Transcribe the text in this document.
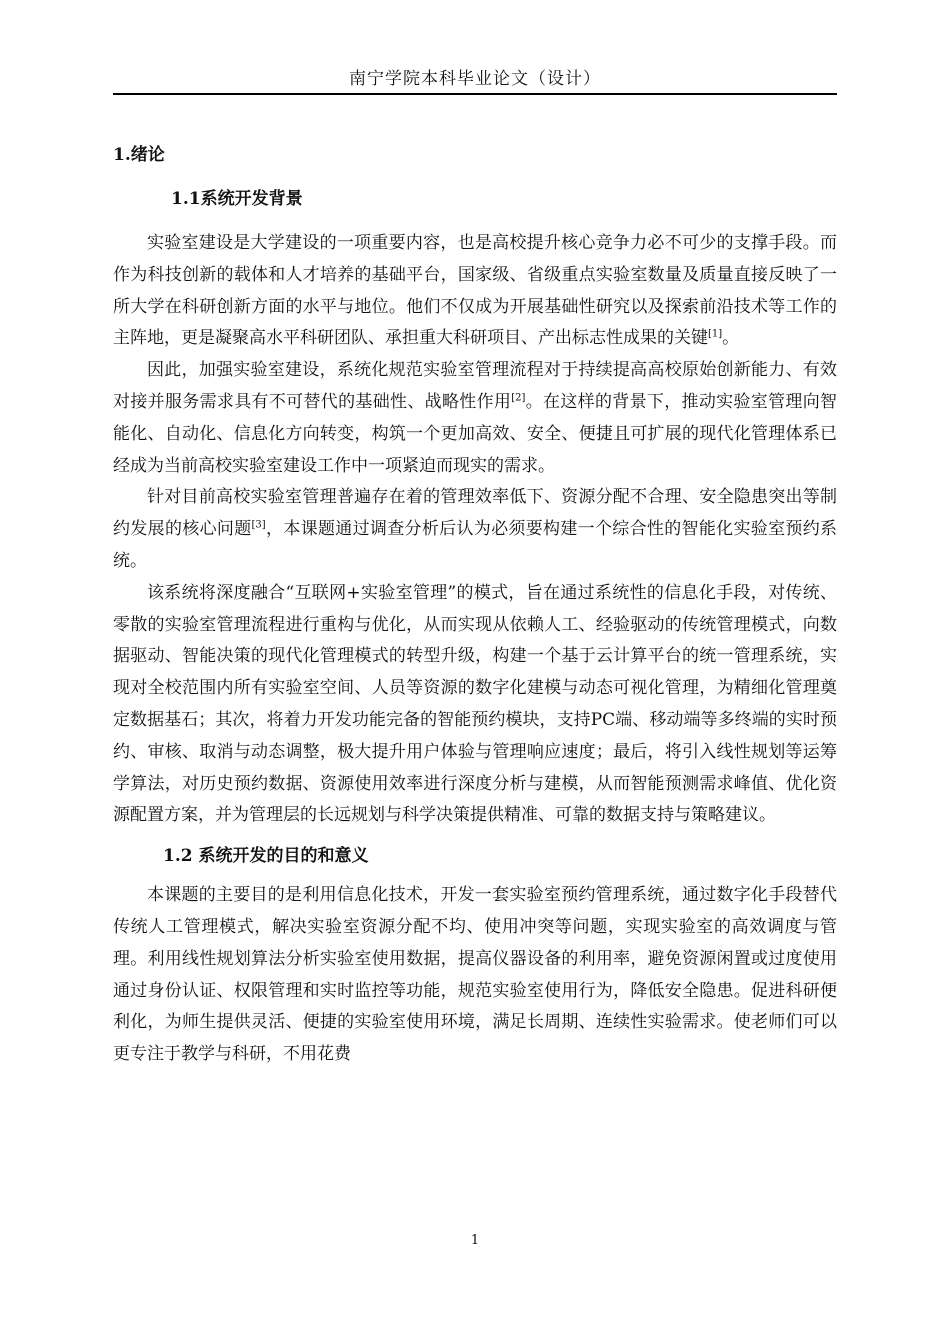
南宁学院本科毕业论文（设计）
1.绪论
1.1系统开发背景

实验室建设是大学建设的一项重要内容，也是高校提升核心竞争力必不可少的支撑手段。而作为科技创新的载体和人才培养的基础平台，国家级、省级重点实验室数量及质量直接反映了一所大学在科研创新方面的水平与地位。他们不仅成为开展基础性研究以及探索前沿技术等工作的主阵地，更是凝聚高水平科研团队、承担重大科研项目、产出标志性成果的关键[1]。

因此，加强实验室建设，系统化规范实验室管理流程对于持续提高高校原始创新能力、有效对接并服务需求具有不可替代的基础性、战略性作用[2]。在这样的背景下，推动实验室管理向智能化、自动化、信息化方向转变，构筑一个更加高效、安全、便捷且可扩展的现代化管理体系已经成为当前高校实验室建设工作中一项紧迫而现实的需求。

针对目前高校实验室管理普遍存在着的管理效率低下、资源分配不合理、安全隐患突出等制约发展的核心问题[3]，本课题通过调查分析后认为必须要构建一个综合性的智能化实验室预约系统。

该系统将深度融合“互联网+实验室管理”的模式，旨在通过系统性的信息化手段，对传统、零散的实验室管理流程进行重构与优化，从而实现从依赖人工、经验驱动的传统管理模式，向数据驱动、智能决策的现代化管理模式的转型升级，构建一个基于云计算平台的统一管理系统，实现对全校范围内所有实验室空间、人员等资源的数字化建模与动态可视化管理，为精细化管理奠定数据基石；其次，将着力开发功能完备的智能预约模块，支持PC端、移动端等多终端的实时预约、审核、取消与动态调整，极大提升用户体验与管理响应速度；最后，将引入线性规划等运筹学算法，对历史预约数据、资源使用效率进行深度分析与建模，从而智能预测需求峰值、优化资源配置方案，并为管理层的长远规划与科学决策提供精准、可靠的数据支持与策略建议。

1.2 系统开发的目的和意义

本课题的主要目的是利用信息化技术，开发一套实验室预约管理系统，通过数字化手段替代传统人工管理模式，解决实验室资源分配不均、使用冲突等问题，实现实验室的高效调度与管理。利用线性规划算法分析实验室使用数据，提高仪器设备的利用率，避免资源闲置或过度使用通过身份认证、权限管理和实时监控等功能，规范实验室使用行为，降低安全隐患。促进科研便利化，为师生提供灵活、便捷的实验室使用环境，满足长周期、连续性实验需求。使老师们可以更专注于教学与科研，不用花费

1
